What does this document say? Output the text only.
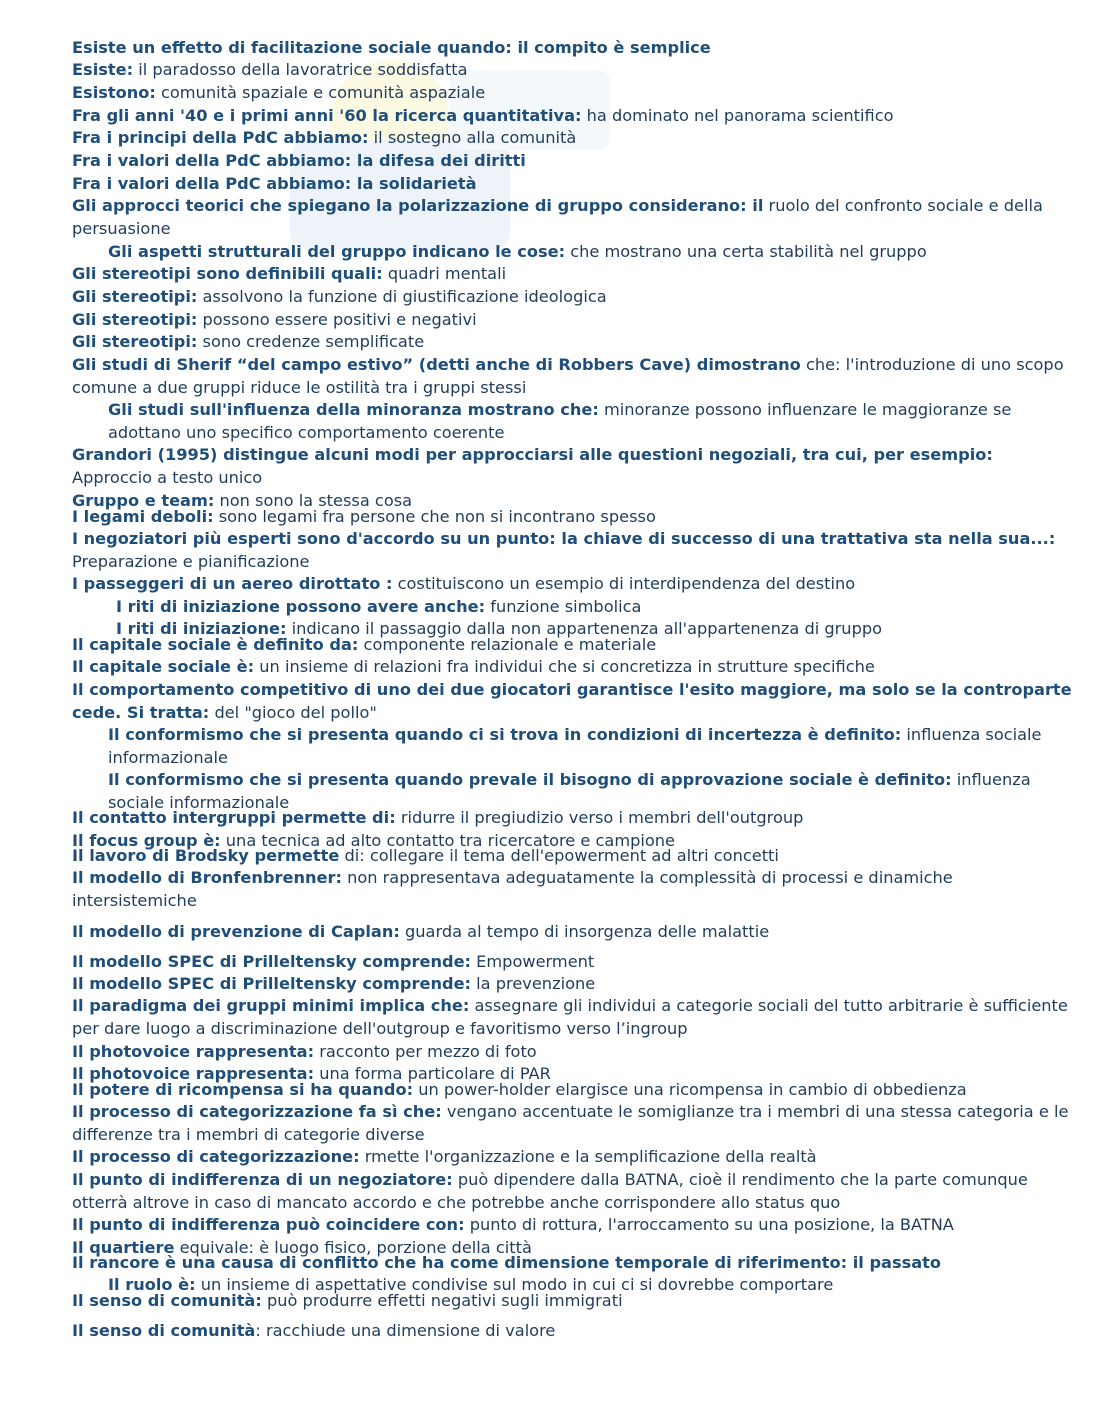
Esiste un effetto di facilitazione sociale quando: il compito è semplice
Esiste: il paradosso della lavoratrice soddisfatta
Esistono: comunità spaziale e comunità aspaziale
Fra gli anni '40 e i primi anni '60 la ricerca quantitativa: ha dominato nel panorama scientifico
Fra i principi della PdC abbiamo: il sostegno alla comunità
Fra i valori della PdC abbiamo: la difesa dei diritti
Fra i valori della PdC abbiamo: la solidarietà
Gli approcci teorici che spiegano la polarizzazione di gruppo considerano: il ruolo del confronto sociale e della persuasione
Gli aspetti strutturali del gruppo indicano le cose: che mostrano una certa stabilità nel gruppo
Gli stereotipi sono definibili quali: quadri mentali
Gli stereotipi: assolvono la funzione di giustificazione ideologica
Gli stereotipi: possono essere positivi e negativi
Gli stereotipi: sono credenze semplificate
Gli studi di Sherif “del campo estivo” (detti anche di Robbers Cave) dimostrano che: l'introduzione di uno scopo comune a due gruppi riduce le ostilità tra i gruppi stessi
Gli studi sull'influenza della minoranza mostrano che: minoranze possono influenzare le maggioranze se adottano uno specifico comportamento coerente
Grandori (1995) distingue alcuni modi per approcciarsi alle questioni negoziali, tra cui, per esempio: Approccio a testo unico
Gruppo e team: non sono la stessa cosa
I legami deboli: sono legami fra persone che non si incontrano spesso
I negoziatori più esperti sono d'accordo su un punto: la chiave di successo di una trattativa sta nella sua...: Preparazione e pianificazione
I passeggeri di un aereo dirottato : costituiscono un esempio di interdipendenza del destino
I riti di iniziazione possono avere anche: funzione simbolica
I riti di iniziazione: indicano il passaggio dalla non appartenenza all'appartenenza di gruppo
Il capitale sociale è definito da: componente relazionale e materiale
Il capitale sociale è: un insieme di relazioni fra individui che si concretizza in strutture specifiche
Il comportamento competitivo di uno dei due giocatori garantisce l'esito maggiore, ma solo se la controparte cede. Si tratta: del "gioco del pollo"
Il conformismo che si presenta quando ci si trova in condizioni di incertezza è definito: influenza sociale informazionale
Il conformismo che si presenta quando prevale il bisogno di approvazione sociale è definito: influenza sociale informazionale
Il contatto intergruppi permette di: ridurre il pregiudizio verso i membri dell'outgroup
Il focus group è: una tecnica ad alto contatto tra ricercatore e campione
Il lavoro di Brodsky permette di: collegare il tema dell'epowerment ad altri concetti
Il modello di Bronfenbrenner: non rappresentava adeguatamente la complessità di processi e dinamiche intersistemiche
Il modello di prevenzione di Caplan: guarda al tempo di insorgenza delle malattie
Il modello SPEC di Prilleltensky comprende: Empowerment
Il modello SPEC di Prilleltensky comprende: la prevenzione
Il paradigma dei gruppi minimi implica che: assegnare gli individui a categorie sociali del tutto arbitrarie è sufficiente per dare luogo a discriminazione dell'outgroup e favoritismo verso l’ingroup
Il photovoice rappresenta: racconto per mezzo di foto
Il photovoice rappresenta: una forma particolare di PAR
Il potere di ricompensa si ha quando: un power-holder elargisce una ricompensa in cambio di obbedienza
Il processo di categorizzazione fa sì che: vengano accentuate le somiglianze tra i membri di una stessa categoria e le differenze tra i membri di categorie diverse
Il processo di categorizzazione: rmette l'organizzazione e la semplificazione della realtà
Il punto di indifferenza di un negoziatore: può dipendere dalla BATNA, cioè il rendimento che la parte comunque otterrà altrove in caso di mancato accordo e che potrebbe anche corrispondere allo status quo
Il punto di indifferenza può coincidere con: punto di rottura, l'arroccamento su una posizione, la BATNA
Il quartiere equivale: è luogo fisico, porzione della città
Il rancore è una causa di conflitto che ha come dimensione temporale di riferimento: il passato
Il ruolo è: un insieme di aspettative condivise sul modo in cui ci si dovrebbe comportare
Il senso di comunità: può produrre effetti negativi sugli immigrati
Il senso di comunità: racchiude una dimensione di valore
